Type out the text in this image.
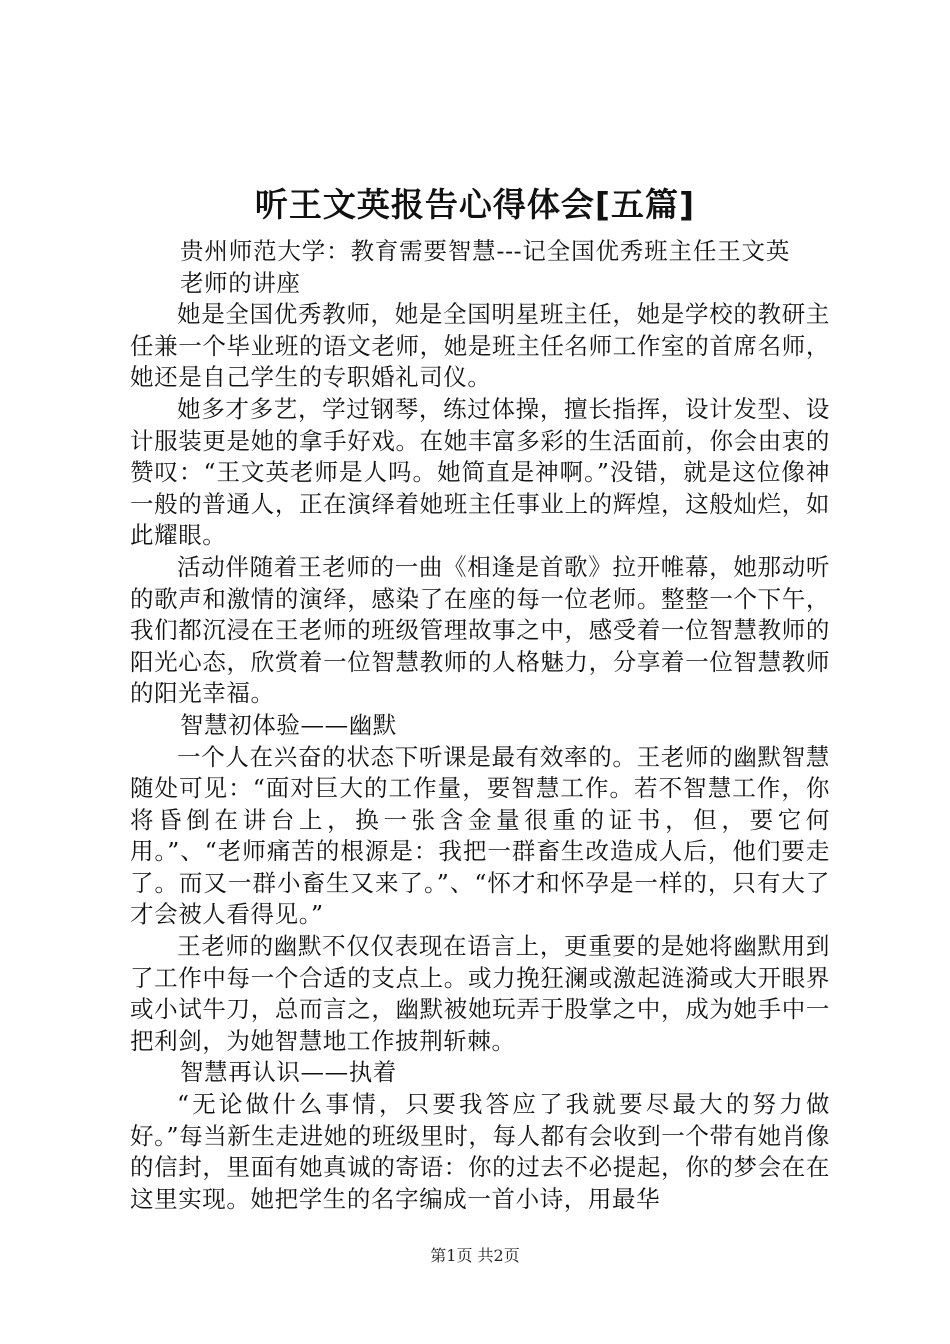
听王文英报告心得体会[五篇]

贵州师范大学：教育需要智慧---记全国优秀班主任王文英老师的讲座

她是全国优秀教师，她是全国明星班主任，她是学校的教研主任兼一个毕业班的语文老师，她是班主任名师工作室的首席名师，她还是自己学生的专职婚礼司仪。

她多才多艺，学过钢琴，练过体操，擅长指挥，设计发型、设计服装更是她的拿手好戏。在她丰富多彩的生活面前，你会由衷的赞叹：“王文英老师是人吗。她简直是神啊。”没错，就是这位像神一般的普通人，正在演绎着她班主任事业上的辉煌，这般灿烂，如此耀眼。

活动伴随着王老师的一曲《相逢是首歌》拉开帷幕，她那动听的歌声和激情的演绎，感染了在座的每一位老师。整整一个下午，我们都沉浸在王老师的班级管理故事之中，感受着一位智慧教师的阳光心态，欣赏着一位智慧教师的人格魅力，分享着一位智慧教师的阳光幸福。

智慧初体验——幽默

一个人在兴奋的状态下听课是最有效率的。王老师的幽默智慧随处可见：“面对巨大的工作量，要智慧工作。若不智慧工作，你将昏倒在讲台上，换一张含金量很重的证书，但，要它何用。”、“老师痛苦的根源是：我把一群畜生改造成人后，他们要走了。而又一群小畜生又来了。”、“怀才和怀孕是一样的，只有大了才会被人看得见。”

王老师的幽默不仅仅表现在语言上，更重要的是她将幽默用到了工作中每一个合适的支点上。或力挽狂澜或激起涟漪或大开眼界或小试牛刀，总而言之，幽默被她玩弄于股掌之中，成为她手中一把利剑，为她智慧地工作披荆斩棘。

智慧再认识——执着

“无论做什么事情，只要我答应了我就要尽最大的努力做好。”每当新生走进她的班级里时，每人都有会收到一个带有她肖像的信封，里面有她真诚的寄语：你的过去不必提起，你的梦会在在这里实现。她把学生的名字编成一首小诗，用最华

第1页 共2页
